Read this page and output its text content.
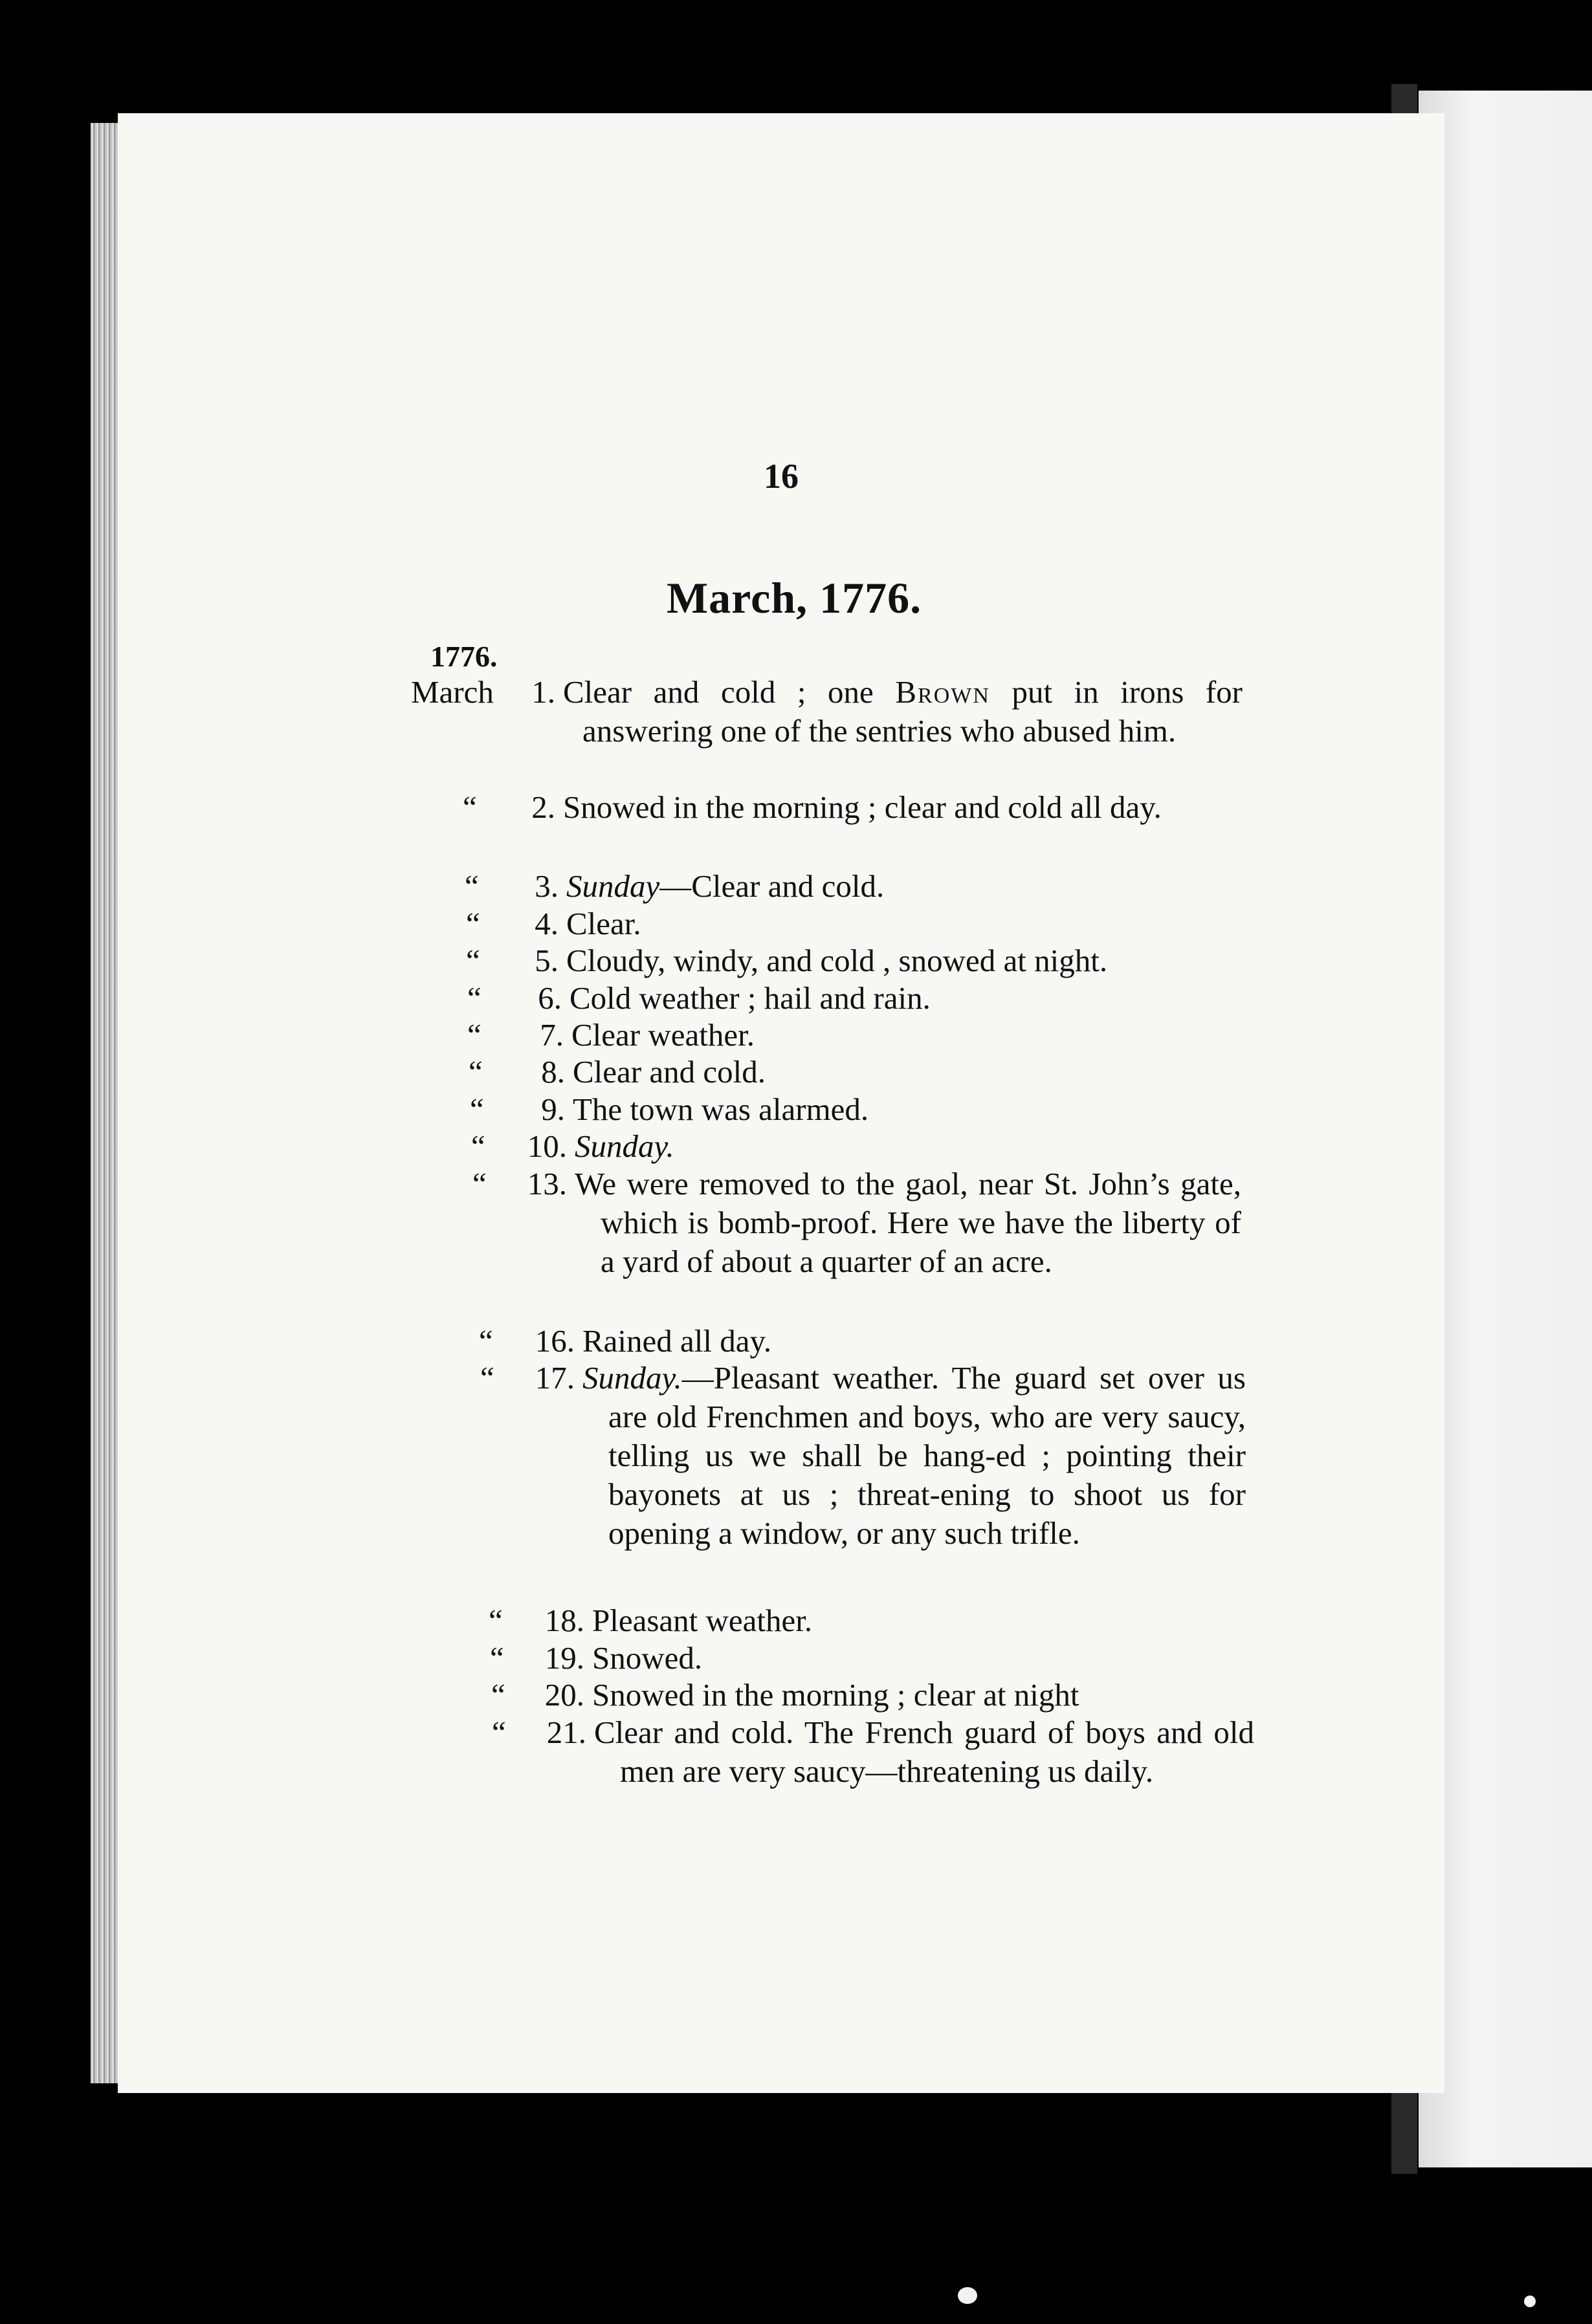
16
March, 1776.
1776.
March	1. Clear and cold ; one Brown put in irons for answering one of the sentries who abused him.
“	2. Snowed in the morning ; clear and cold all day.
“	3. Sunday—Clear and cold.
“	4. Clear.
“	5. Cloudy, windy, and cold , snowed at night.
“	6. Cold weather ; hail and rain.
“	7. Clear weather.
“	8. Clear and cold.
“	9. The town was alarmed.
“	10. Sunday.
“	13. We were removed to the gaol, near St. John’s gate, which is bomb-proof. Here we have the liberty of a yard of about a quarter of an acre.
“	16. Rained all day.
“	17. Sunday.—Pleasant weather. The guard set over us are old Frenchmen and boys, who are very saucy, telling us we shall be hang-ed ; pointing their bayonets at us ; threat-ening to shoot us for opening a window, or any such trifle.
“	18. Pleasant weather.
“	19. Snowed.
“	20. Snowed in the morning ; clear at night
“	21. Clear and cold. The French guard of boys and old men are very saucy—threatening us daily.
